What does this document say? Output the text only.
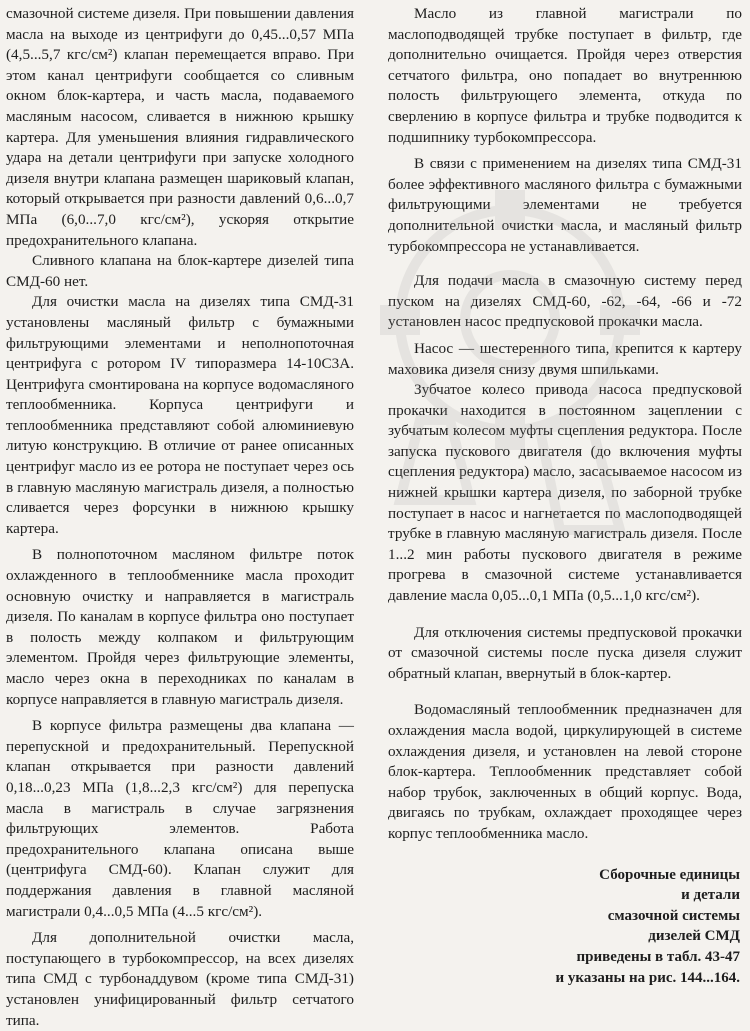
смазочной системе дизеля. При повышении давления масла на выходе из центрифуги до 0,45...0,57 МПа (4,5...5,7 кгс/см²) клапан перемещается вправо. При этом канал центрифуги сообщается со сливным окном блок-картера, и часть масла, подаваемого масляным насосом, сливается в нижнюю крышку картера. Для уменьшения влияния гидравлического удара на детали центрифуги при запуске холодного дизеля внутри клапана размещен шариковый клапан, который открывается при разности давлений 0,6...0,7 МПа (6,0...7,0 кгс/см²), ускоряя открытие предохранительного клапана.

Сливного клапана на блок-картере дизелей типа СМД-60 нет.

Для очистки масла на дизелях типа СМД-31 установлены масляный фильтр с бумажными фильтрующими элементами и неполнопоточная центрифуга с ротором IV типоразмера 14-10С3А. Центрифуга смонтирована на корпусе водомасляного теплообменника. Корпуса центрифуги и теплообменника представляют собой алюминиевую литую конструкцию. В отличие от ранее описанных центрифуг масло из ее ротора не поступает через ось в главную масляную магистраль дизеля, а полностью сливается через форсунки в нижнюю крышку картера.

В полнопоточном масляном фильтре поток охлажденного в теплообменнике масла проходит основную очистку и направляется в магистраль дизеля. По каналам в корпусе фильтра оно поступает в полость между колпаком и фильтрующим элементом. Пройдя через фильтрующие элементы, масло через окна в переходниках по каналам в корпусе направляется в главную магистраль дизеля.

В корпусе фильтра размещены два клапана — перепускной и предохранительный. Перепускной клапан открывается при разности давлений 0,18...0,23 МПа (1,8...2,3 кгс/см²) для перепуска масла в магистраль в случае загрязнения фильтрующих элементов. Работа предохранительного клапана описана выше (центрифуга СМД-60). Клапан служит для поддержания давления в главной масляной магистрали 0,4...0,5 МПа (4...5 кгс/см²).

Для дополнительной очистки масла, поступающего в турбокомпрессор, на всех дизелях типа СМД с турбонаддувом (кроме типа СМД-31) установлен унифицированный фильтр сетчатого типа.

Масло из главной магистрали по маслоподводящей трубке поступает в фильтр, где дополнительно очищается. Пройдя через отверстия сетчатого фильтра, оно попадает во внутреннюю полость фильтрующего элемента, откуда по сверлению в корпусе фильтра и трубке подводится к подшипнику турбокомпрессора.

В связи с применением на дизелях типа СМД-31 более эффективного масляного фильтра с бумажными фильтрующими элементами не требуется дополнительной очистки масла, и масляный фильтр турбокомпрессора не устанавливается.

Для подачи масла в смазочную систему перед пуском на дизелях СМД-60, -62, -64, -66 и -72 установлен насос предпусковой прокачки масла.

Насос — шестеренного типа, крепится к картеру маховика дизеля снизу двумя шпильками.

Зубчатое колесо привода насоса предпусковой прокачки находится в постоянном зацеплении с зубчатым колесом муфты сцепления редуктора. После запуска пускового двигателя (до включения муфты сцепления редуктора) масло, засасываемое насосом из нижней крышки картера дизеля, по заборной трубке поступает в насос и нагнетается по маслоподводящей трубке в главную масляную магистраль дизеля. После 1...2 мин работы пускового двигателя в режиме прогрева в смазочной системе устанавливается давление масла 0,05...0,1 МПа (0,5...1,0 кгс/см²).

Для отключения системы предпусковой прокачки от смазочной системы после пуска дизеля служит обратный клапан, ввернутый в блок-картер.

Водомасляный теплообменник предназначен для охлаждения масла водой, циркулирующей в системе охлаждения дизеля, и установлен на левой стороне блок-картера. Теплообменник представляет собой набор трубок, заключенных в общий корпус. Вода, двигаясь по трубкам, охлаждает проходящее через корпус теплообменника масло.

Сборочные единицы
и детали
смазочной системы
дизелей СМД
приведены в табл. 43-47
и указаны на рис. 144...164.
